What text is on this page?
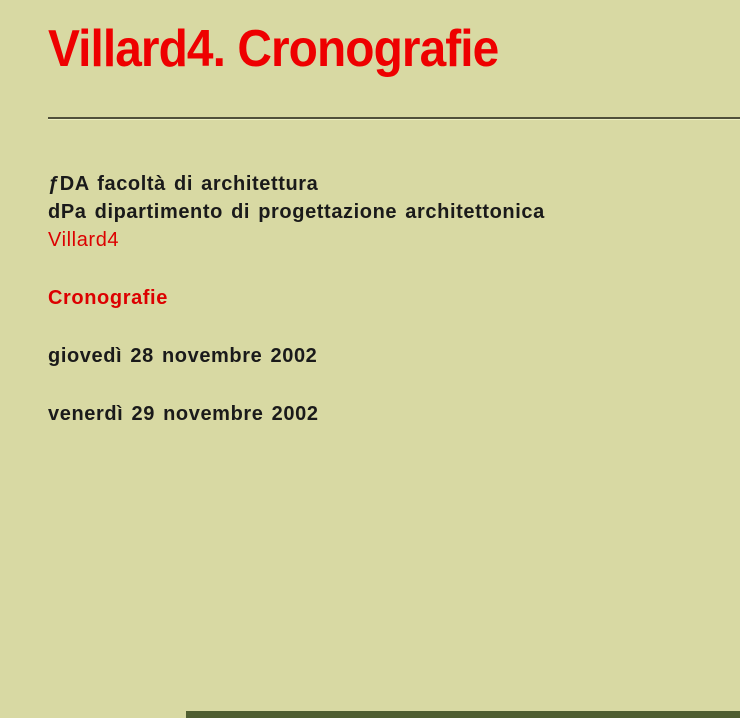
Villard4. Cronografie
ƒDA facoltà di architettura
dPa dipartimento di progettazione architettonica
Villard4
Cronografie
giovedì 28 novembre 2002
venerdì 29 novembre 2002
